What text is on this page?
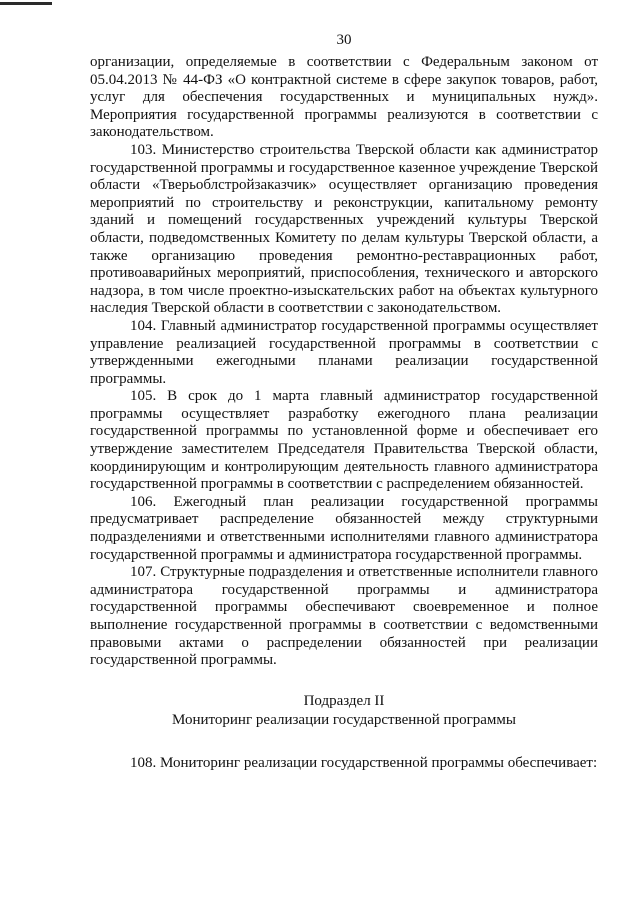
30

организации, определяемые в соответствии с Федеральным законом от 05.04.2013 № 44-ФЗ «О контрактной системе в сфере закупок товаров, работ, услуг для обеспечения государственных и муниципальных нужд». Мероприятия государственной программы реализуются в соответствии с законодательством.

103. Министерство строительства Тверской области как администратор государственной программы и государственное казенное учреждение Тверской области «Тверьоблстройзаказчик» осуществляет организацию проведения мероприятий по строительству и реконструкции, капитальному ремонту зданий и помещений государственных учреждений культуры Тверской области, подведомственных Комитету по делам культуры Тверской области, а также организацию проведения ремонтно-реставрационных работ, противоаварийных мероприятий, приспособления, технического и авторского надзора, в том числе проектно-изыскательских работ на объектах культурного наследия Тверской области в соответствии с законодательством.

104. Главный администратор государственной программы осуществляет управление реализацией государственной программы в соответствии с утвержденными ежегодными планами реализации государственной программы.

105. В срок до 1 марта главный администратор государственной программы осуществляет разработку ежегодного плана реализации государственной программы по установленной форме и обеспечивает его утверждение заместителем Председателя Правительства Тверской области, координирующим и контролирующим деятельность главного администратора государственной программы в соответствии с распределением обязанностей.

106. Ежегодный план реализации государственной программы предусматривает распределение обязанностей между структурными подразделениями и ответственными исполнителями главного администратора государственной программы и администратора государственной программы.

107. Структурные подразделения и ответственные исполнители главного администратора государственной программы и администратора государственной программы обеспечивают своевременное и полное выполнение государственной программы в соответствии с ведомственными правовыми актами о распределении обязанностей при реализации государственной программы.

Подраздел II
Мониторинг реализации государственной программы

108. Мониторинг реализации государственной программы обеспечивает:
